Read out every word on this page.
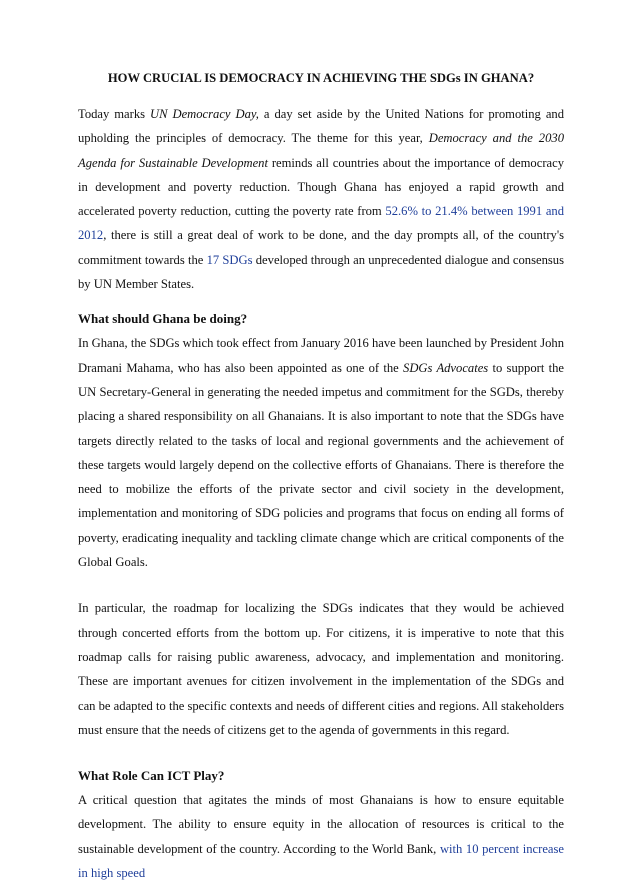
HOW CRUCIAL IS DEMOCRACY IN ACHIEVING THE SDGs IN GHANA?

Today marks UN Democracy Day, a day set aside by the United Nations for promoting and upholding the principles of democracy. The theme for this year, Democracy and the 2030 Agenda for Sustainable Development reminds all countries about the importance of democracy in development and poverty reduction. Though Ghana has enjoyed a rapid growth and accelerated poverty reduction, cutting the poverty rate from 52.6% to 21.4% between 1991 and 2012, there is still a great deal of work to be done, and the day prompts all, of the country's commitment towards the 17 SDGs developed through an unprecedented dialogue and consensus by UN Member States.

What should Ghana be doing?

In Ghana, the SDGs which took effect from January 2016 have been launched by President John Dramani Mahama, who has also been appointed as one of the SDGs Advocates to support the UN Secretary-General in generating the needed impetus and commitment for the SGDs, thereby placing a shared responsibility on all Ghanaians. It is also important to note that the SDGs have targets directly related to the tasks of local and regional governments and the achievement of these targets would largely depend on the collective efforts of Ghanaians. There is therefore the need to mobilize the efforts of the private sector and civil society in the development, implementation and monitoring of SDG policies and programs that focus on ending all forms of poverty, eradicating inequality and tackling climate change which are critical components of the Global Goals.

In particular, the roadmap for localizing the SDGs indicates that they would be achieved through concerted efforts from the bottom up. For citizens, it is imperative to note that this roadmap calls for raising public awareness, advocacy, and implementation and monitoring. These are important avenues for citizen involvement in the implementation of the SDGs and can be adapted to the specific contexts and needs of different cities and regions. All stakeholders must ensure that the needs of citizens get to the agenda of governments in this regard.

What Role Can ICT Play?

A critical question that agitates the minds of most Ghanaians is how to ensure equitable development. The ability to ensure equity in the allocation of resources is critical to the sustainable development of the country. According to the World Bank, with 10 percent increase in high speed
